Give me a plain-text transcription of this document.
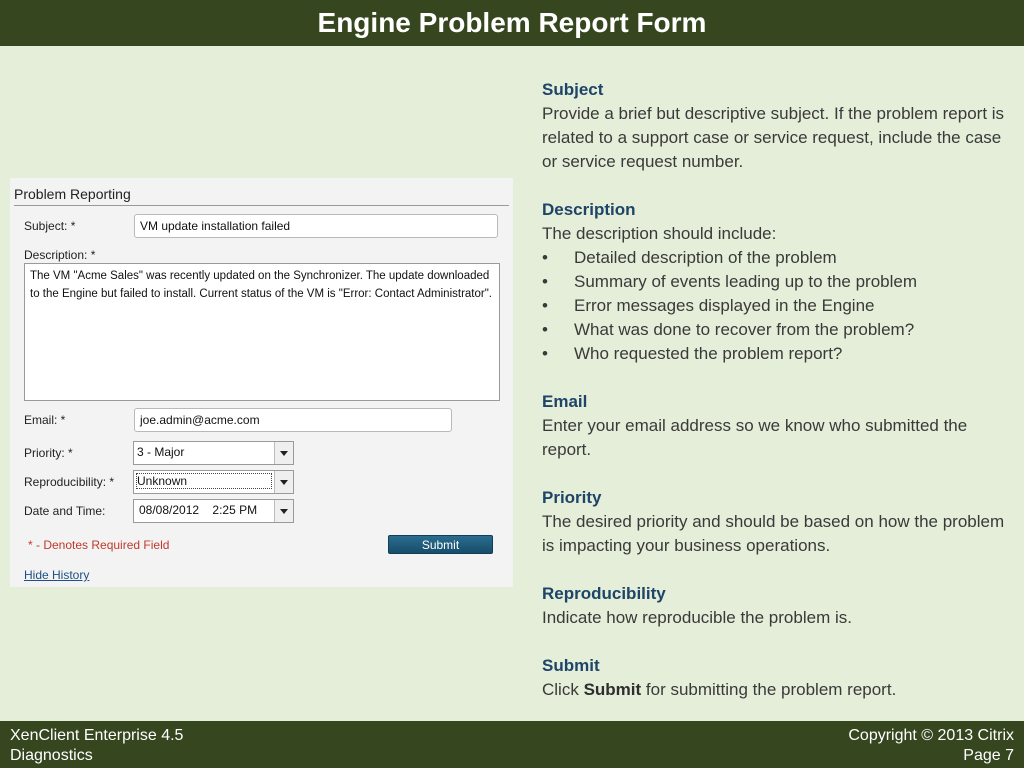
Engine Problem Report Form
Problem Reporting
Subject: *	VM update installation failed
Description: *
The VM "Acme Sales" was recently updated on the Synchronizer. The update downloaded to the Engine but failed to install. Current status of the VM is "Error: Contact Administrator".
Email: *	joe.admin@acme.com
Priority: *	3 - Major
Reproducibility: * Unknown
Date and Time:	08/08/2012    2:25 PM
* - Denotes Required Field	Submit
Hide History
Subject
Provide a brief but descriptive subject. If the problem report is related to a support case or service request, include the case or service request number.
Description
The description should include:
• Detailed description of the problem
• Summary of events leading up to the problem
• Error messages displayed in the Engine
• What was done to recover from the problem?
• Who requested the problem report?
Email
Enter your email address so we know who submitted the report.
Priority
The desired priority and should be based on how the problem is impacting your business operations.
Reproducibility
Indicate how reproducible the problem is.
Submit
Click Submit for submitting the problem report.
XenClient Enterprise 4.5
Diagnostics
Copyright © 2013 Citrix
Page 7
